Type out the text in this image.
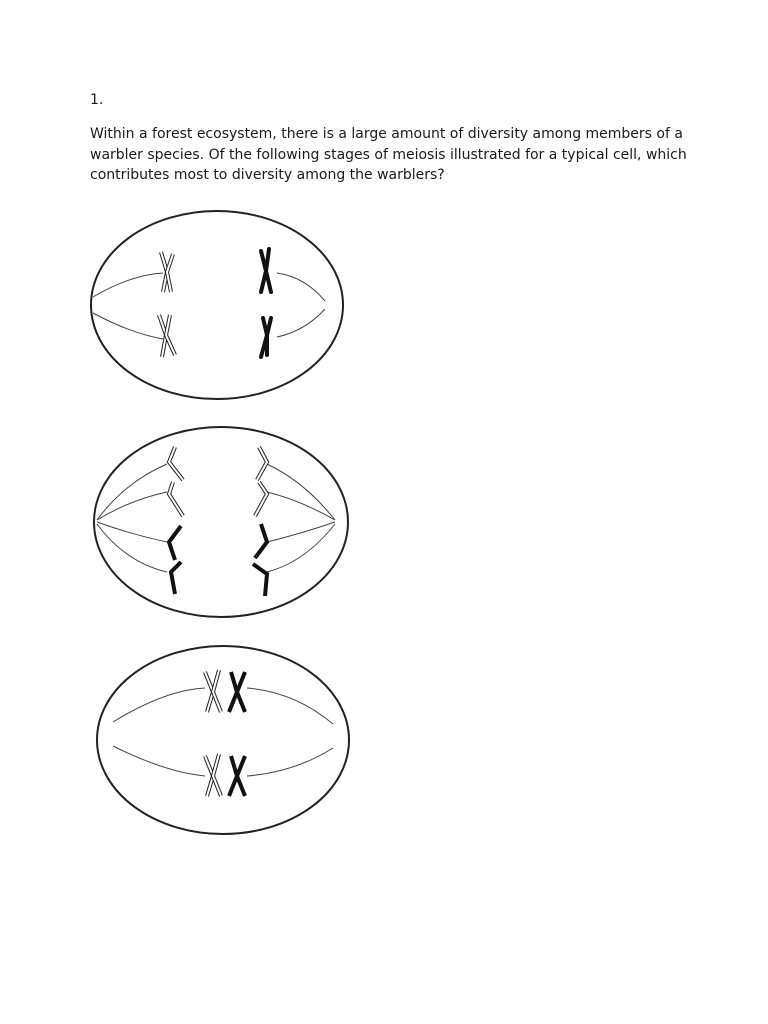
1.
Within a forest ecosystem, there is a large amount of diversity among members of a warbler species. Of the following stages of meiosis illustrated for a typical cell, which contributes most to diversity among the warblers?
